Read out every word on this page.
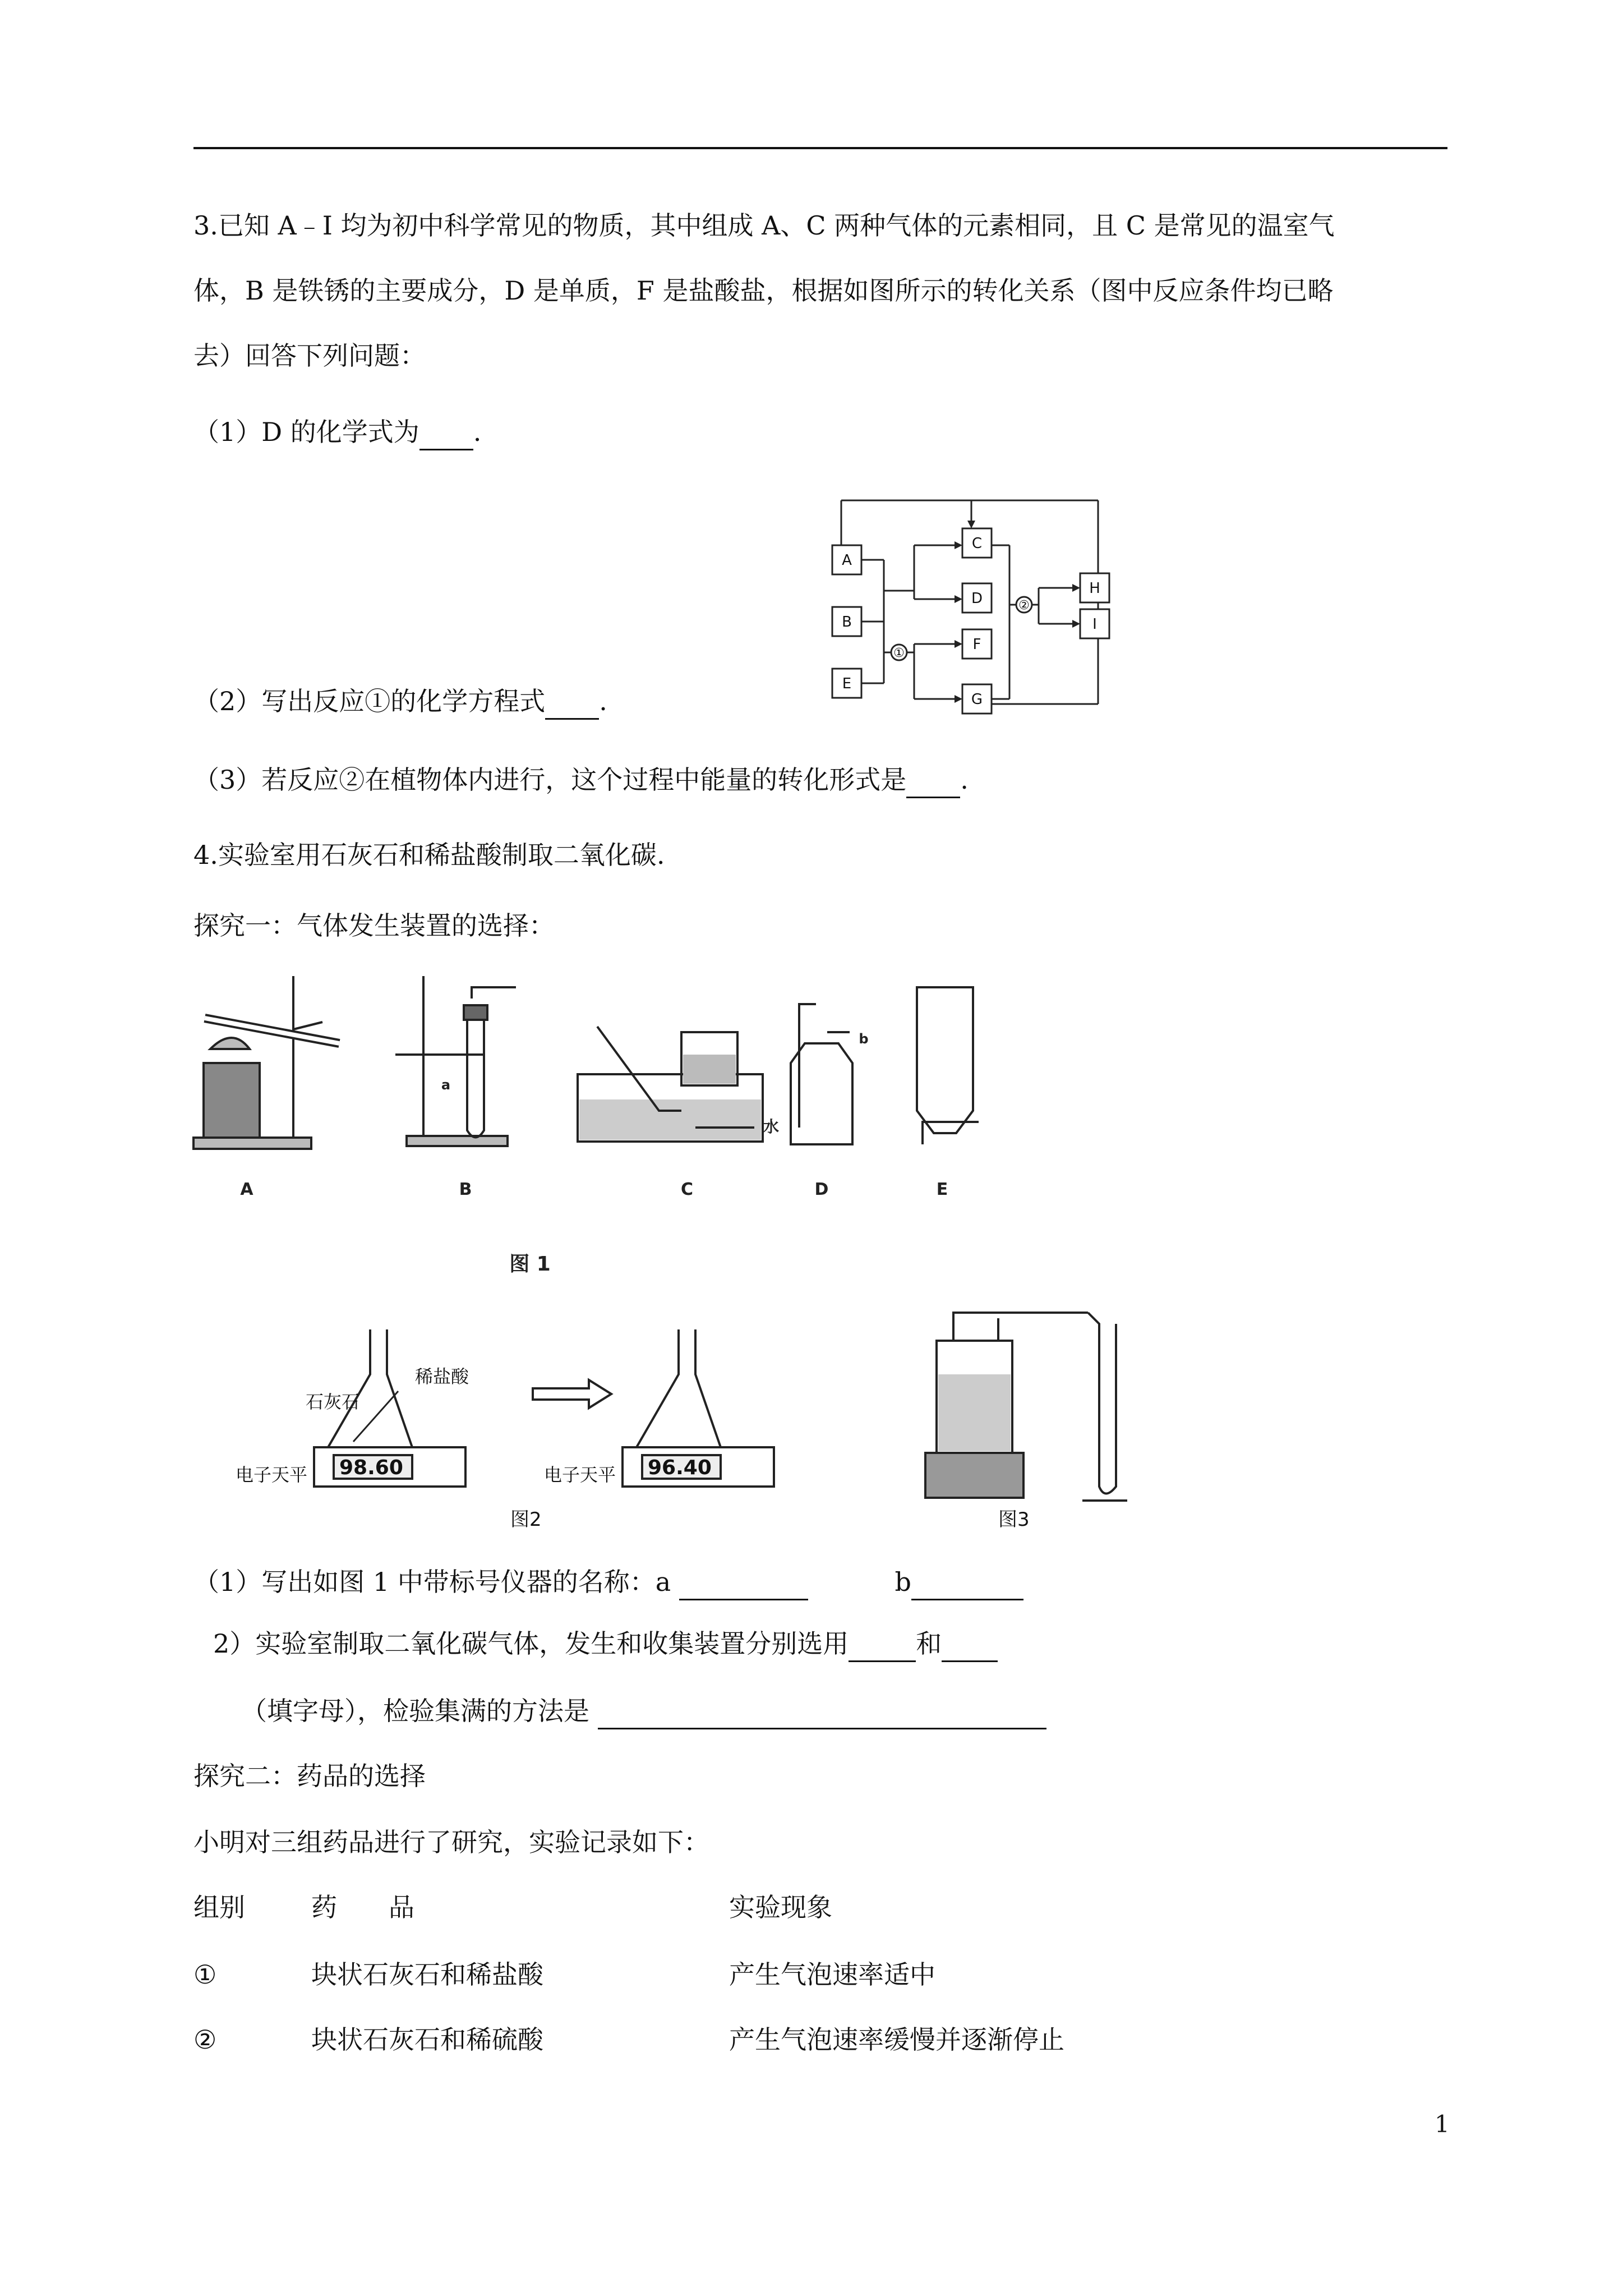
3.已知 A﹣I 均为初中科学常见的物质，其中组成 A、C 两种气体的元素相同，且 C 是常见的温室气
体，B 是铁锈的主要成分，D 是单质，F 是盐酸盐，根据如图所示的转化关系（图中反应条件均已略
去）回答下列问题：
（1）D 的化学式为 .
A
B
E
C
D
F
G
H
I
①
②
（2）写出反应①的化学方程式 .
（3）若反应②在植物体内进行，这个过程中能量的转化形式是 .
4.实验室用石灰石和稀盐酸制取二氧化碳.
探究一：气体发生装置的选择：
A	B	C	D	E
a
b
水
图 1
石灰石
稀盐酸
电子天平	电子天平
98.60	96.40
图2	图3
（1）写出如图 1 中带标号仪器的名称：a	b
2）实验室制取二氧化碳气体，发生和收集装置分别选用	和
（填字母），检验集满的方法是
探究二：药品的选择
小明对三组药品进行了研究，实验记录如下：
组别	药　　品	实验现象
①	块状石灰石和稀盐酸	产生气泡速率适中
②	块状石灰石和稀硫酸	产生气泡速率缓慢并逐渐停止
1
